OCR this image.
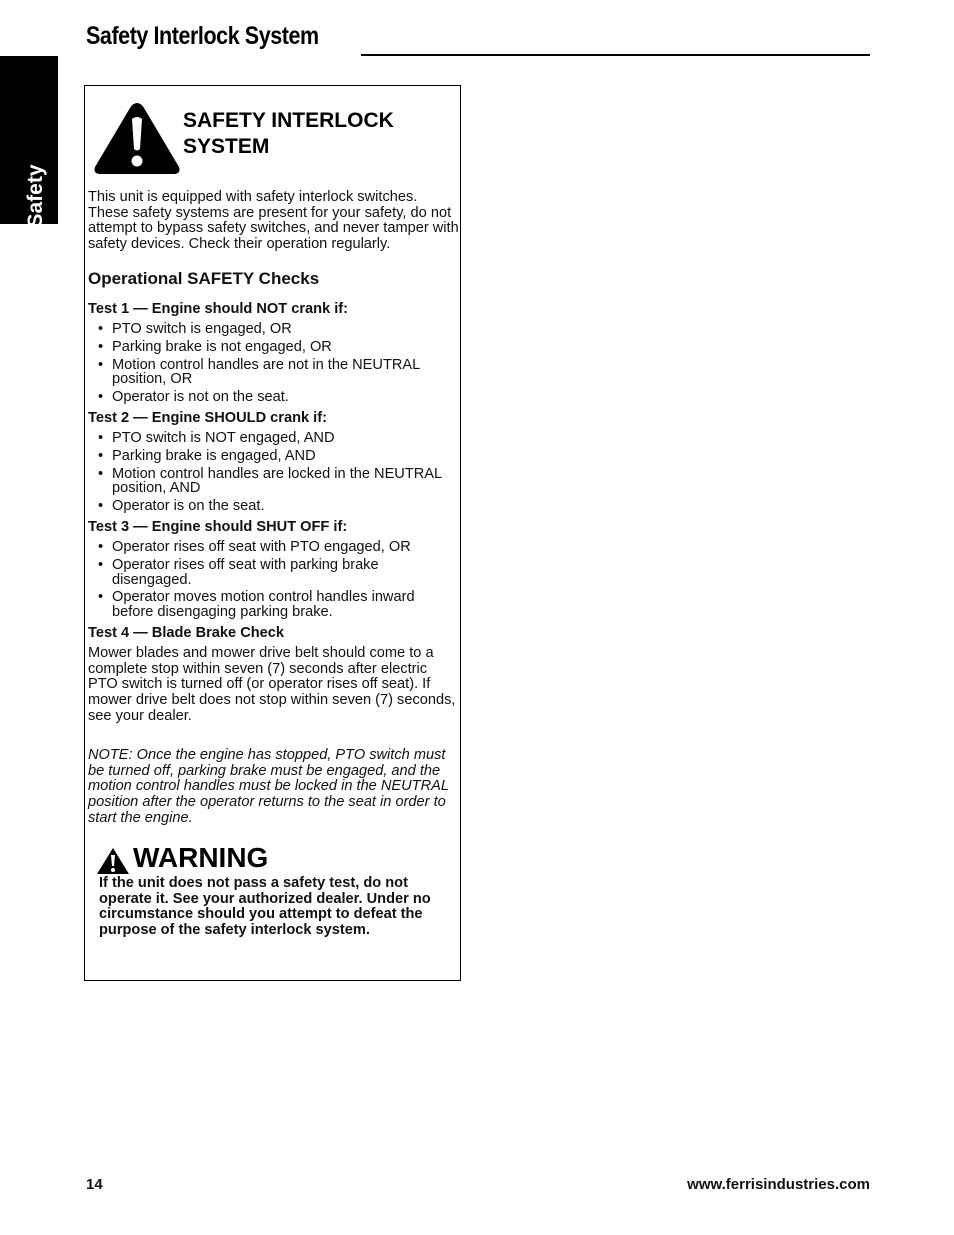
Safety Interlock System
Safety
SAFETY INTERLOCK SYSTEM

This unit is equipped with safety interlock switches. These safety systems are present for your safety, do not attempt to bypass safety switches, and never tamper with safety devices. Check their operation regularly.

Operational SAFETY Checks

Test 1 — Engine should NOT crank if:

• PTO switch is engaged, OR
• Parking brake is not engaged, OR
• Motion control handles are not in the NEUTRAL position, OR
• Operator is not on the seat.

Test 2 — Engine SHOULD crank if:

• PTO switch is NOT engaged, AND
• Parking brake is engaged, AND
• Motion control handles are locked in the NEUTRAL position, AND
• Operator is on the seat.

Test 3 — Engine should SHUT OFF if:

• Operator rises off seat with PTO engaged, OR
• Operator rises off seat with parking brake disengaged.
• Operator moves motion control handles inward before disengaging parking brake.

Test 4 — Blade Brake Check

Mower blades and mower drive belt should come to a complete stop within seven (7) seconds after electric PTO switch is turned off (or operator rises off seat). If mower drive belt does not stop within seven (7) seconds, see your dealer.

NOTE: Once the engine has stopped, PTO switch must be turned off, parking brake must be engaged, and the motion control handles must be locked in the NEUTRAL position after the operator returns to the seat in order to start the engine.

WARNING

If the unit does not pass a safety test, do not operate it. See your authorized dealer. Under no circumstance should you attempt to defeat the purpose of the safety interlock system.

14	www.ferrisindustries.com
